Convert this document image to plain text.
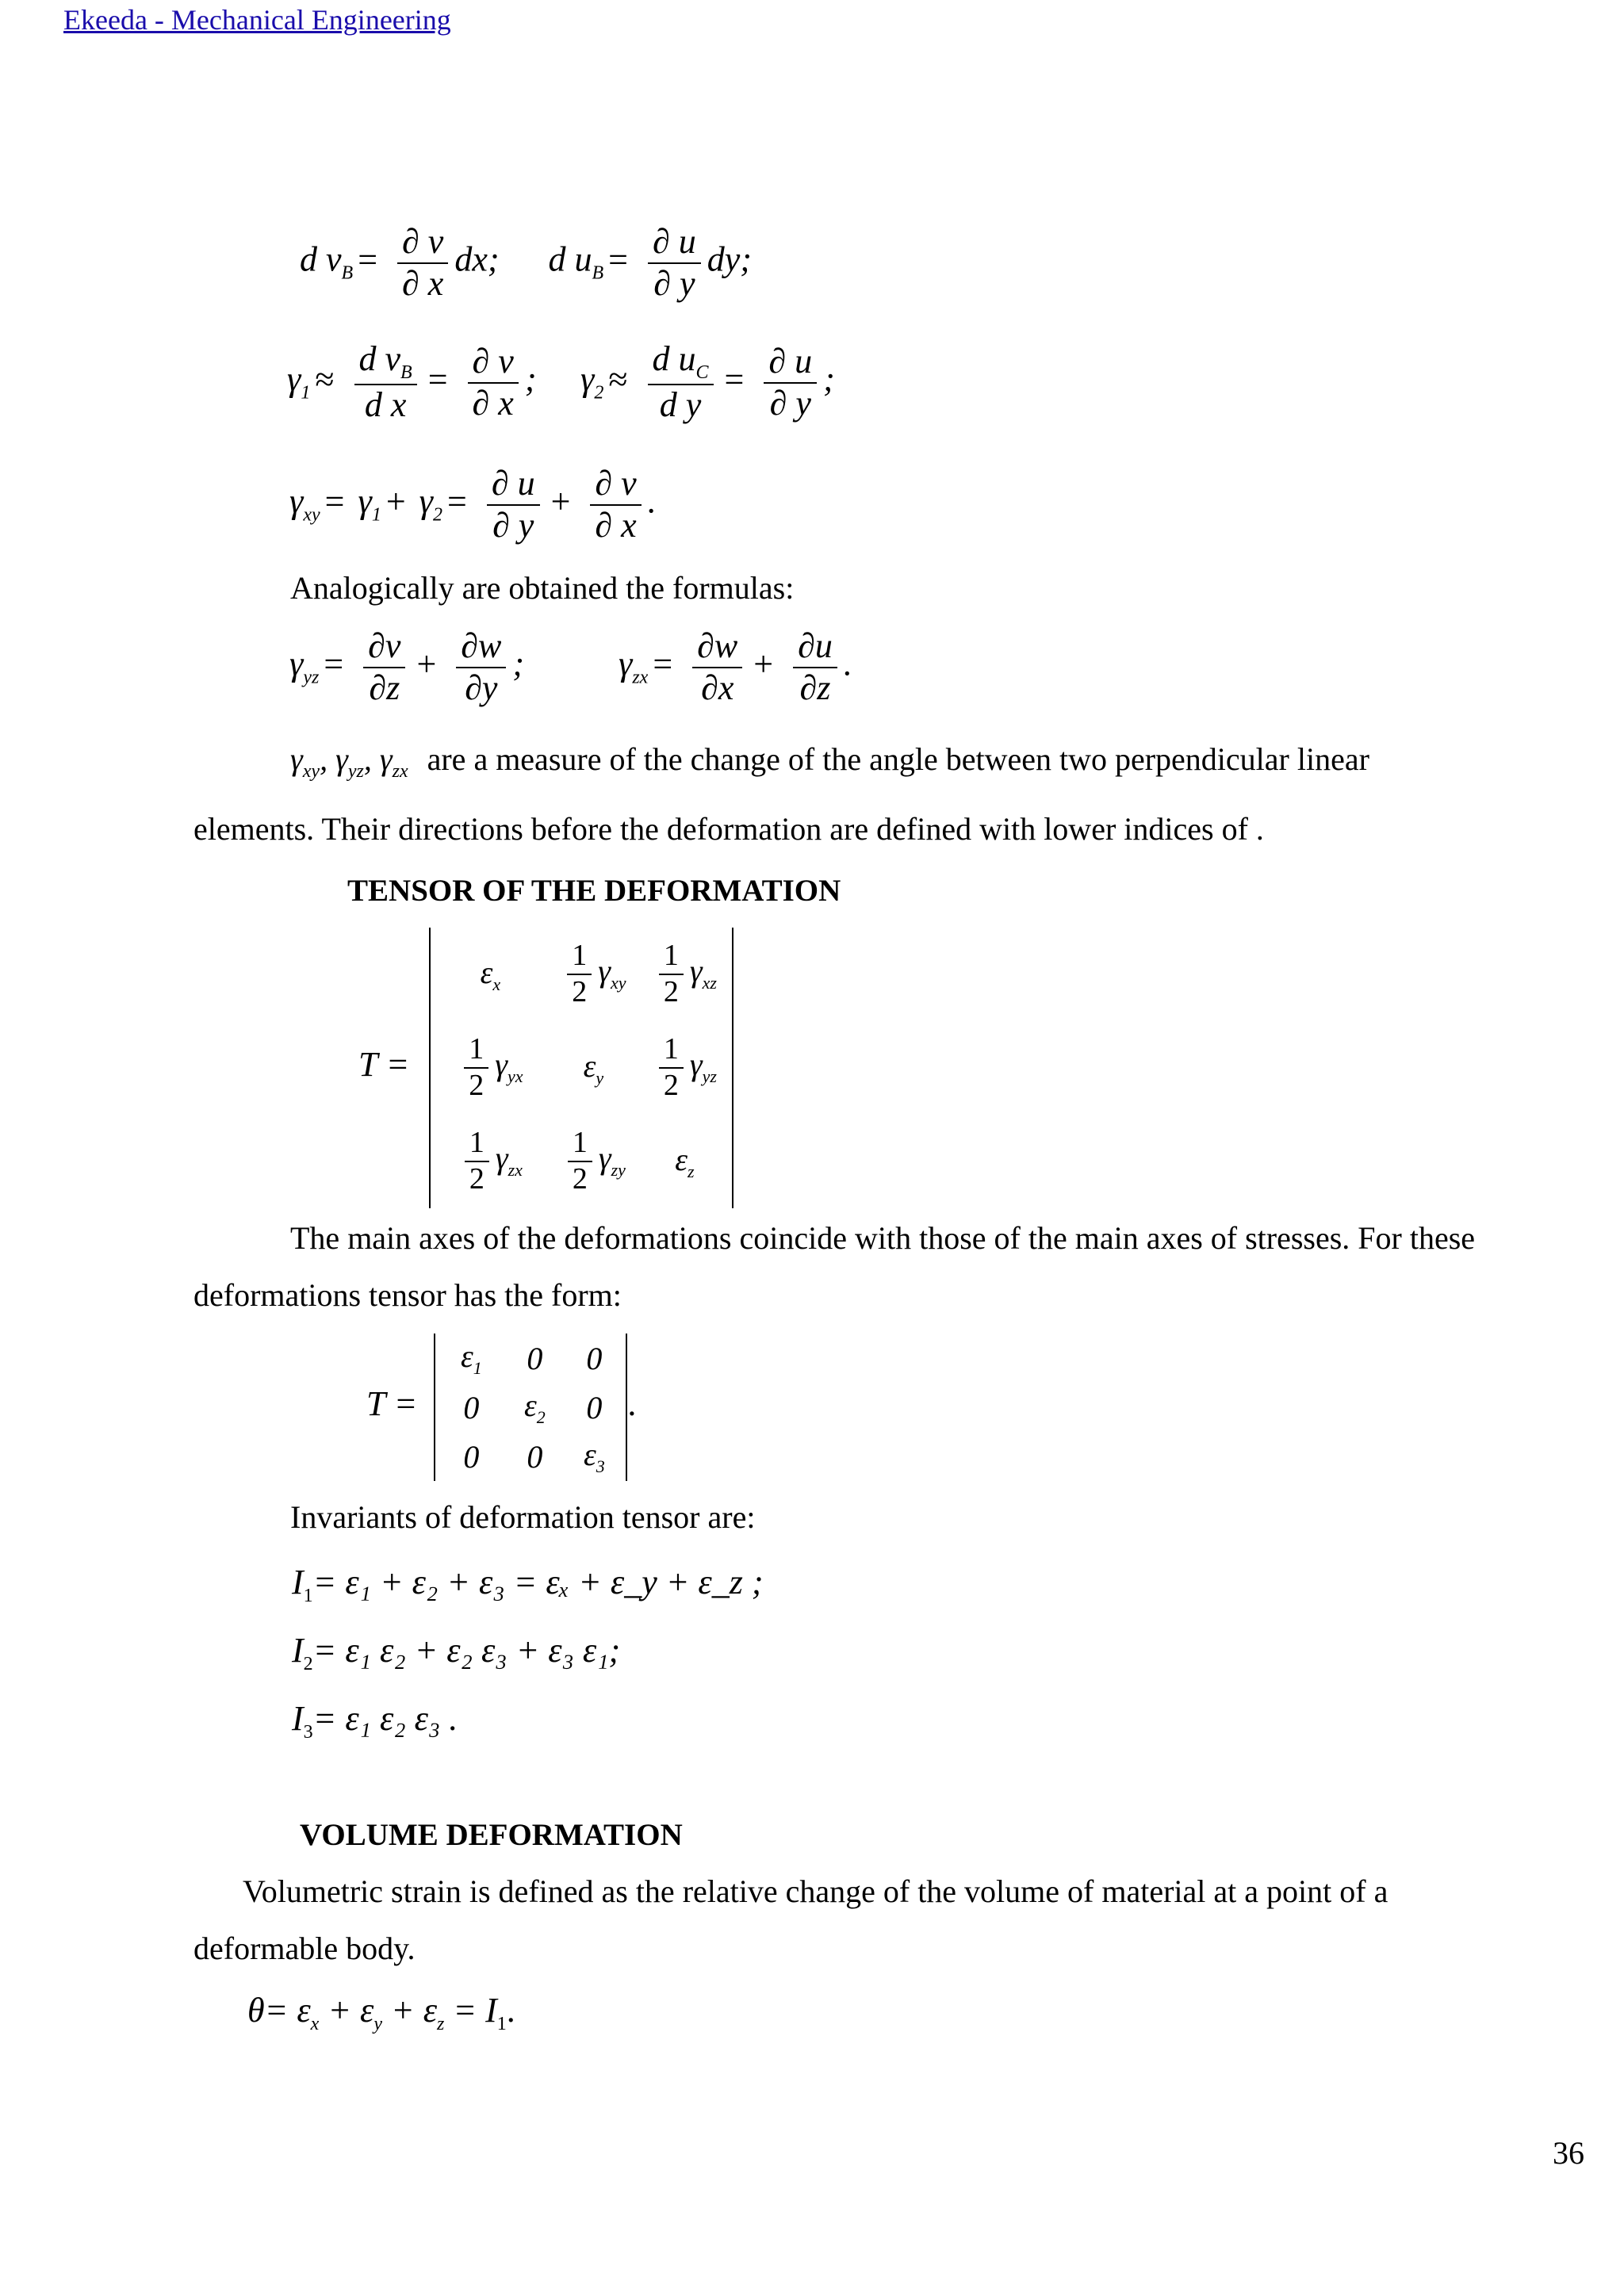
Ekeeda - Mechanical Engineering
d $v_B = \frac{\partial v}{\partial x}$ dx; d $u_B = \frac{\partial u}{\partial y}$ dy;
$\gamma_1 \approx \frac{d v_B}{\text{d x}} = \frac{\partial v}{\partial x}$ ; $\gamma_2 \approx \frac{d u_C}{\text{d y}} = \frac{\partial u}{\partial y}$ ;
$\gamma_{xy} = \gamma_1 + \gamma_2 = \frac{\partial u}{\partial y} + \frac{\partial v}{\partial x}$ .
Analogically are obtained the formulas:
$\gamma_{yz} = \frac{\partial v}{\partial z} + \frac{\partial w}{\partial y}$ ;	$\gamma_{zx} = \frac{\partial w}{\partial x} + \frac{\partial u}{\partial z}$ .
$\gamma_{xy}$, $\gamma_{yz}$, $\gamma_{zx}$ are a measure of the change of the angle between two perpendicular linear
elements. Their directions before the deformation are defined with lower indices of .
TENSOR OF THE DEFORMATION
T =
$\varepsilon_x \frac{1}{2} \gamma_{xy} \frac{1}{2} \gamma_{xz}$
$\frac{1}{2} \gamma_{yx}$ $\varepsilon_y \frac{1}{2} \gamma_{yz}$
$\frac{1}{2} \gamma_{zx} \frac{1}{2} \gamma_{zy}$ $\varepsilon_z$
The main axes of the deformations coincide with those of the main axes of stresses. For these
deformations tensor has the form:
T =
$\varepsilon_1$ 0 0
0 $\varepsilon_2$ 0
0 0 $\varepsilon_3$
.
Invariants of deformation tensor are:
$I_1= \varepsilon_1 + \varepsilon_2 + \varepsilon_3 = \varepsilon_x$ + ε_y + ε_z ;
$I_2= \varepsilon_1$ ε₂ + ε₂ ε₃ + ε₃ ε₁;
$I_3= \varepsilon_1$ ε₂ ε₃ .
VOLUME DEFORMATION
Volumetric strain is defined as the relative change of the volume of material at a point of a
deformable body.
$\theta= \varepsilon_x + \varepsilon_y + \varepsilon_z = I_1$.
36
